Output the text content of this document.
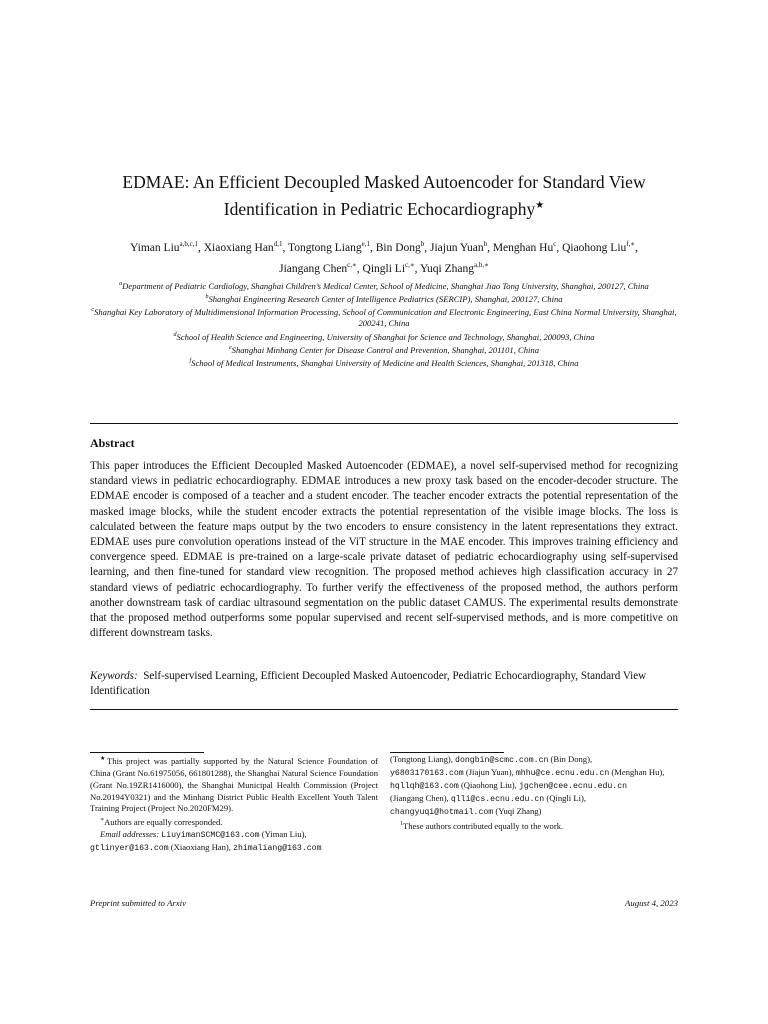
EDMAE: An Efficient Decoupled Masked Autoencoder for Standard View
Identification in Pediatric Echocardiography★
Yiman Liu$^{a,b,c,1}$, Xiaoxiang Han$^{d,1}$, Tongtong Liang$^{e,1}$, Bin Dong$^b$, Jiajun Yuan$^b$, Menghan Hu$^c$, Qiaohong Liu$^{f,∗}$,
Jiangang Chen$^{c,∗}$, Qingli $Li^{c,∗}$, Yuqi Zhang$^{a,b,∗}$

$^a$Department of Pediatric Cardiology, Shanghai Children’s Medical Center, School of Medicine, Shanghai Jiao Tong University, Shanghai, 200127, China

$^b$Shanghai Engineering Research Center of Intelligence Pediatrics (SERCIP), Shanghai, 200127, China

$^c$Shanghai Key Laboratory of Multidimensional Information Processing, School of Communication and Electronic Engineering, East China Normal University, Shanghai, 200241, China

$^d$School of Health Science and Engineering, University of Shanghai for Science and Technology, Shanghai, 200093, China

$^e$Shanghai Minhang Center for Disease Control and Prevention, Shanghai, 201101, China

$^f$School of Medical Instruments, Shanghai University of Medicine and Health Sciences, Shanghai, 201318, China

Abstract

This paper introduces the Efficient Decoupled Masked Autoencoder (EDMAE), a novel self-supervised method for recognizing standard views in pediatric echocardiography. EDMAE introduces a new proxy task based on the encoder-decoder structure. The EDMAE encoder is composed of a teacher and a student encoder. The teacher encoder extracts the potential representation of the masked image blocks, while the student encoder extracts the potential representation of the visible image blocks. The loss is calculated between the feature maps output by the two encoders to ensure consistency in the latent representations they extract. EDMAE uses pure convolution operations instead of the ViT structure in the MAE encoder. This improves training efficiency and convergence speed. EDMAE is pre-trained on a large-scale private dataset of pediatric echocardiography using self-supervised learning, and then fine-tuned for standard view recognition. The proposed method achieves high classification accuracy in 27 standard views of pediatric echocardiography. To further verify the effectiveness of the proposed method, the authors perform another downstream task of cardiac ultrasound segmentation on the public dataset CAMUS. The experimental results demonstrate that the proposed method outperforms some popular supervised and recent self-supervised methods, and is more competitive on different downstream tasks.

Keywords: Self-supervised Learning, Efficient Decoupled Masked Autoencoder, Pediatric Echocardiography, Standard View Identification

★This project was partially supported by the Natural Science Foundation of China (Grant No.61975056, 661801288), the Shanghai Natural Science Foundation (Grant No.19ZR1416000), the Shanghai Municipal Health Commission (Project No.20194Y0321) and the Minhang District Public Health Excellent Youth Talent Training Project (Project No.2020FM29).

∗Authors are equally corresponded.

Email addresses: LiuyimanSCMC@163.com (Yiman Liu),
gtlinyer@163.com (Xiaoxiang Han), zhimaliang@163.com

(Tongtong Liang), dongbin@scmc.com.cn (Bin Dong),
y6803170163.com (Jiajun Yuan), mhhu@ce.ecnu.edu.cn (Menghan Hu),
hqllqh@163.com (Qiaohong Liu), jgchen@cee.ecnu.edu.cn
(Jiangang Chen), qlli@cs.ecnu.edu.cn (Qingli Li),
changyuqi@hotmail.com (Yuqi Zhang)

$^1$These authors contributed equally to the work.

Preprint submitted to Arxiv	August 4, 2023
